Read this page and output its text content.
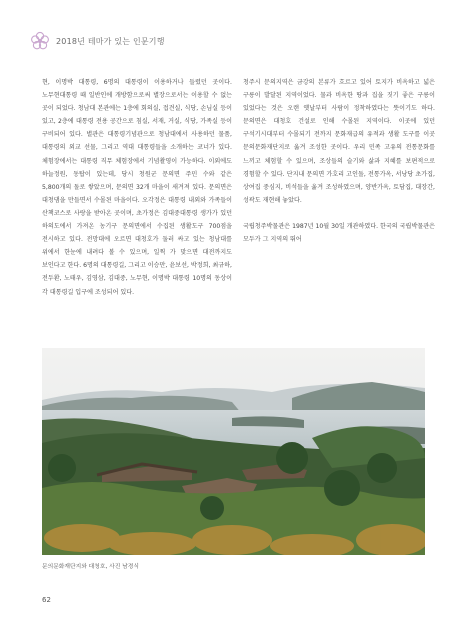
2018년 테마가 있는 인문기행

현, 이명박 대통령, 6명의 대통령이 이용하거나 들렸던 곳이다. 노무현대통령 때 일반인에 개방함으로써 별장으로서는 이용할 수 없는 곳이 되었다. 청남대 본관에는 1층에 회의실, 접견실, 식당, 손님실 등이 있고, 2층에 대통령 전용 공간으로 침실, 서재, 거실, 식당, 가족실 등이 구비되어 있다. 별관은 대통령기념관으로 청남대에서 사용하던 물품, 대통령의 외교 선물, 그리고 역대 대통령들을 소개하는 코너가 있다. 체험장에서는 대통령 직무 체험장에서 기념촬영이 가능하다. 이외에도 하늘정원, 동탑이 있는데, 당시 청원군 문의면 주민 수와 같은 5,800개의 돌로 쌓았으며, 문의면 32개 마을이 새겨져 있다. 문의면은 대청댐을 만들면서 수몰된 마을이다. 오각정은 대통령 내외와 가족들이 산책코스로 사랑을 받아온 곳이며, 초가정은 김대중대통령 생가가 있던 하의도에서 가져온 농기구 문의면에서 수집된 생활도구 700점을 전시하고 있다. 전망대에 오르면 대청호가 둘러 싸고 있는 청남대를 위에서 한눈에 내려다 볼 수 있으며, 일찍 가 맞으면 대전까지도 보인다고 한다. 6명의 대통령길, 그리고 이승만, 윤보선, 박정희, 최규하, 전두환, 노태우, 김영삼, 김대중, 노무현, 이명박 대통령 10명의 동상이 각 대통령길 입구에 조성되어 있다.

청주시 문의지역은 금강의 본류가 흐르고 있어 토지가 비옥하고 넓은 구릉이 발달된 지역이었다. 물과 비옥한 땅과 집을 짓기 좋은 구릉이 있었다는 것은 오랜 옛날부터 사람이 정착하였다는 뜻이기도 하다. 문의면은 대청호 건설로 인해 수몰된 지역이다. 이곳에 있던 구석기시대부터 수몰되기 전까지 문화재급의 유적과 생활 도구를 이곳 문의문화재단지로 옮겨 조성한 곳이다. 우리 민족 고유의 전통문화를 느끼고 체험할 수 있으며, 조상들의 슬기와 삶과 지혜를 보편적으로 경험할 수 있다. 단지내 문의면 가호리 고인돌, 전통가옥, 서낭당 초가집, 상여집 중심지, 비석들을 옮겨 조성하였으며, 양반가옥, 토담집, 대장간, 성곽도 재현해 놓았다.

국립청주박물관은 1987년 10월 30일 개관하였다. 한국의 국립박물관은 모두가 그 지역의 뛰어

문의문화재단지와 대청호, 사진 남경식
62
